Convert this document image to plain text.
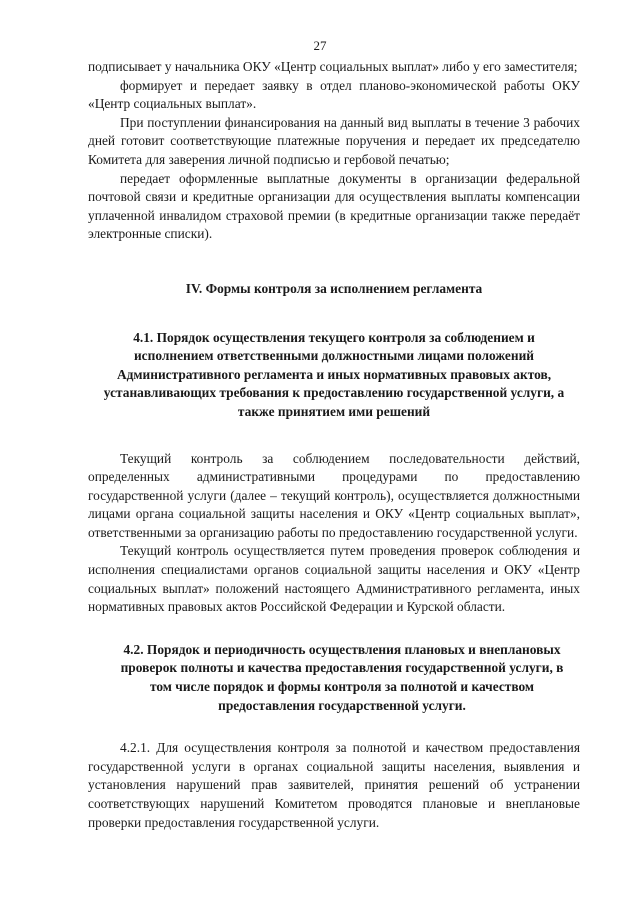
27

подписывает у начальника ОКУ «Центр социальных выплат» либо у его заместителя;

формирует и передает заявку в отдел планово-экономической работы ОКУ «Центр социальных выплат».

При поступлении финансирования на данный вид выплаты в течение 3 рабочих дней готовит соответствующие платежные поручения и передает их председателю Комитета для заверения личной подписью и гербовой печатью;

передает оформленные выплатные документы в организации федеральной почтовой связи и кредитные организации для осуществления выплаты компенсации уплаченной инвалидом страховой премии (в кредитные организации также передаёт электронные списки).

IV. Формы контроля за исполнением регламента

4.1. Порядок осуществления текущего контроля за соблюдением и исполнением ответственными должностными лицами положений Административного регламента и иных нормативных правовых актов, устанавливающих требования к предоставлению государственной услуги, а также принятием ими решений

Текущий контроль за соблюдением последовательности действий, определенных административными процедурами по предоставлению государственной услуги (далее – текущий контроль), осуществляется должностными лицами органа социальной защиты населения и ОКУ «Центр социальных выплат», ответственными за организацию работы по предоставлению государственной услуги.

Текущий контроль осуществляется путем проведения проверок соблюдения и исполнения специалистами органов социальной защиты населения и ОКУ «Центр социальных выплат» положений настоящего Административного регламента, иных нормативных правовых актов Российской Федерации и Курской области.

4.2. Порядок и периодичность осуществления плановых и внеплановых проверок полноты и качества предоставления государственной услуги, в том числе порядок и формы контроля за полнотой и качеством предоставления государственной услуги.

4.2.1. Для осуществления контроля за полнотой и качеством предоставления государственной услуги в органах социальной защиты населения, выявления и установления нарушений прав заявителей, принятия решений об устранении соответствующих нарушений Комитетом проводятся плановые и внеплановые проверки предоставления государственной услуги.
